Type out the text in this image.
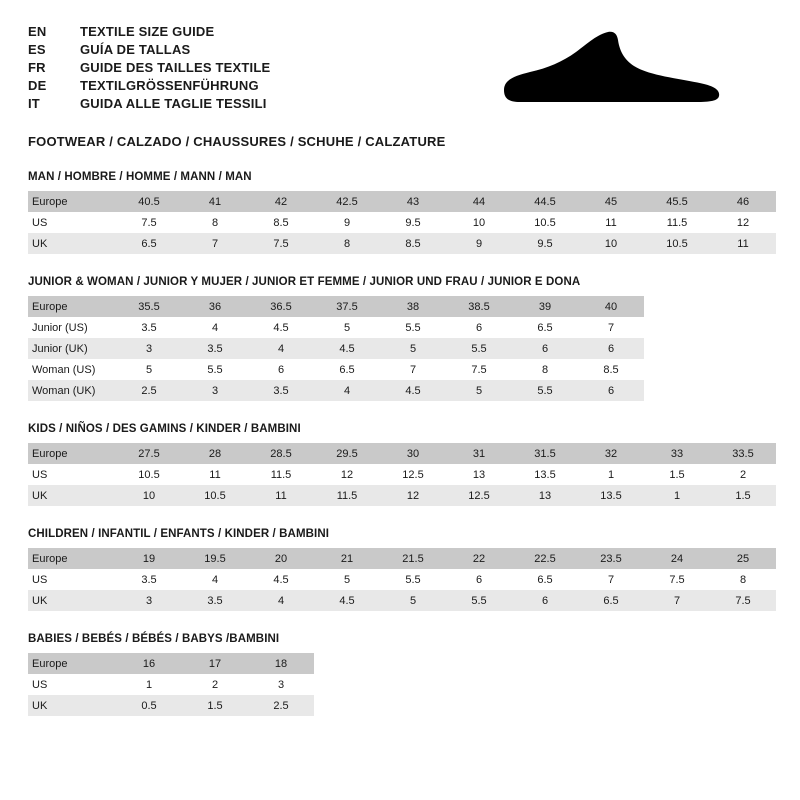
EN	TEXTILE SIZE GUIDE
ES	GUÍA DE TALLAS
FR	GUIDE DES TAILLES TEXTILE
DE	TEXTILGRÖSSENFÜHRUNG
IT	GUIDA ALLE TAGLIE TESSILI
FOOTWEAR / CALZADO / CHAUSSURES / SCHUHE / CALZATURE
MAN / HOMBRE / HOMME / MANN / MAN
Europe	40.5	41	42	42.5	43	44	44.5	45	45.5	46
US	7.5	8	8.5	9	9.5	10	10.5	11	11.5	12
UK	6.5	7	7.5	8	8.5	9	9.5	10	10.5	11
JUNIOR & WOMAN / JUNIOR Y MUJER / JUNIOR ET FEMME / JUNIOR UND FRAU / JUNIOR E DONA
Europe	35.5	36	36.5	37.5	38	38.5	39	40
Junior (US)	3.5	4	4.5	5	5.5	6	6.5	7
Junior (UK)	3	3.5	4	4.5	5	5.5	6	6
Woman (US)	5	5.5	6	6.5	7	7.5	8	8.5
Woman (UK)	2.5	3	3.5	4	4.5	5	5.5	6
KIDS / NIÑOS / DES GAMINS / KINDER / BAMBINI
Europe	27.5	28	28.5	29.5	30	31	31.5	32	33	33.5
US	10.5	11	11.5	12	12.5	13	13.5	1	1.5	2
UK	10	10.5	11	11.5	12	12.5	13	13.5	1	1.5
CHILDREN / INFANTIL / ENFANTS / KINDER / BAMBINI
Europe	19	19.5	20	21	21.5	22	22.5	23.5	24	25
US	3.5	4	4.5	5	5.5	6	6.5	7	7.5	8
UK	3	3.5	4	4.5	5	5.5	6	6.5	7	7.5
BABIES / BEBÉS / BÉBÉS / BABYS /BAMBINI
Europe	16	17	18
US	1	2	3
UK	0.5	1.5	2.5
